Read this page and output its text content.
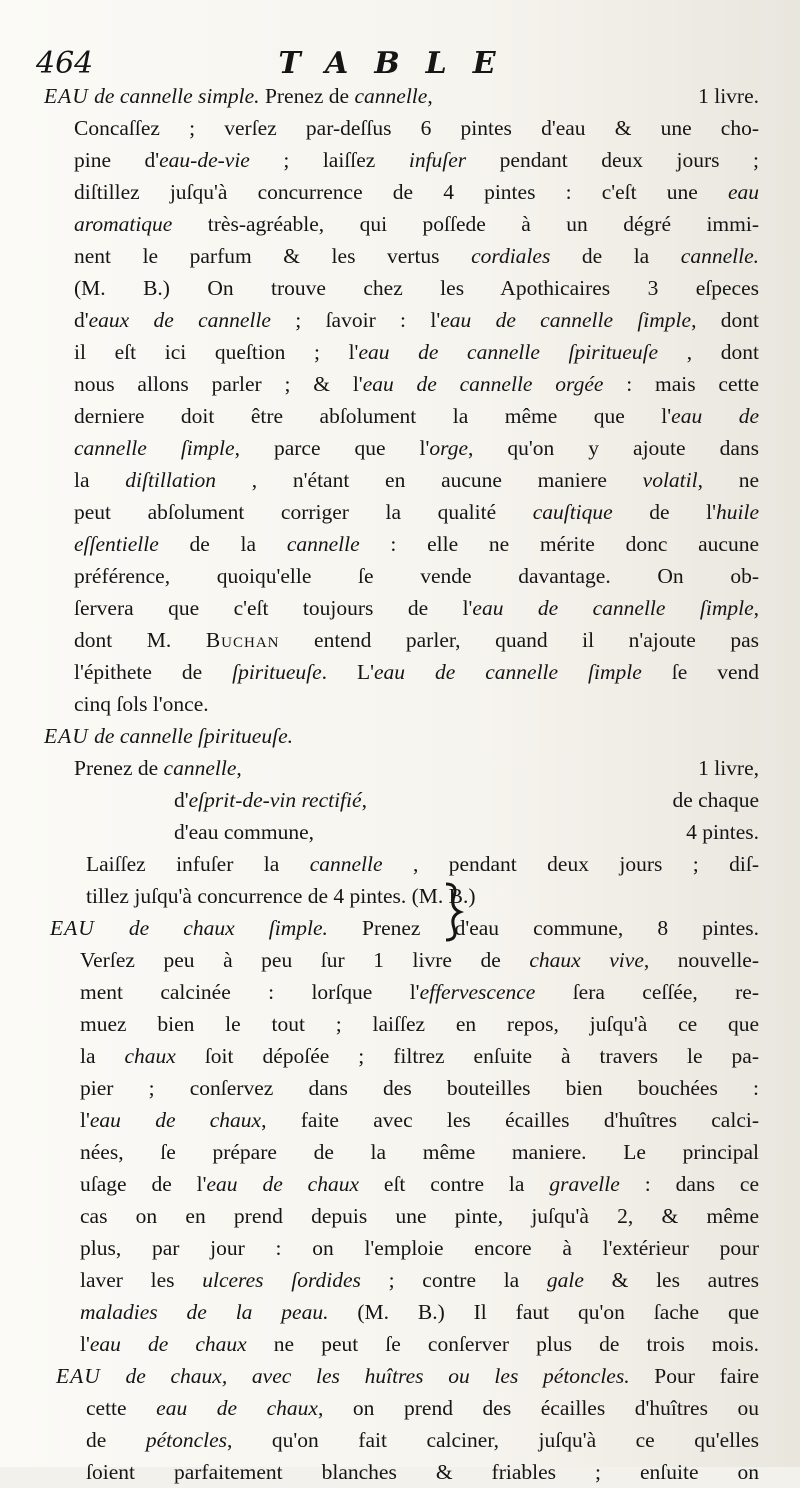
464	TABLE
EAU de cannelle simple. Prenez de cannelle,	1 livre.
Concaſſez ; verſez par-deſſus 6 pintes d'eau & une cho-
pine d'eau-de-vie ; laiſſez infuſer pendant deux jours ;
diſtillez juſqu'à concurrence de 4 pintes : c'eſt une eau
aromatique très-agréable, qui poſſede à un dégré immi-
nent le parfum & les vertus cordiales de la cannelle.
(M. B.) On trouve chez les Apothicaires 3 eſpeces
d'eaux de cannelle ; ſavoir : l'eau de cannelle ſimple, dont
il eſt ici queſtion ; l'eau de cannelle ſpiritueuſe , dont
nous allons parler ; & l'eau de cannelle orgée : mais cette
derniere doit être abſolument la même que l'eau de
cannelle ſimple, parce que l'orge, qu'on y ajoute dans
la diſtillation , n'étant en aucune maniere volatil, ne
peut abſolument corriger la qualité cauſtique de l'huile
eſſentielle de la cannelle : elle ne mérite donc aucune
préférence, quoiqu'elle ſe vende davantage. On ob-
ſervera que c'eſt toujours de l'eau de cannelle ſimple,
dont M. Buchan entend parler, quand il n'ajoute pas
l'épithete de ſpiritueuſe. L'eau de cannelle ſimple ſe vend
cinq ſols l'once.
EAU de cannelle ſpiritueuſe.
Prenez de cannelle,	1 livre,
d'eſprit-de-vin rectifié,	de chaque
d'eau commune,	4 pintes.
Laiſſez infuſer la cannelle , pendant deux jours ; diſ-
tillez juſqu'à concurrence de 4 pintes. (M. B.)
EAU de chaux ſimple. Prenez d'eau commune, 8 pintes.
Verſez peu à peu ſur 1 livre de chaux vive, nouvelle-
ment calcinée : lorſque l'effervescence ſera ceſſée, re-
muez bien le tout ; laiſſez en repos, juſqu'à ce que
la chaux ſoit dépoſée ; filtrez enſuite à travers le pa-
pier ; conſervez dans des bouteilles bien bouchées :
l'eau de chaux, faite avec les écailles d'huîtres calci-
nées, ſe prépare de la même maniere. Le principal
uſage de l'eau de chaux eſt contre la gravelle : dans ce
cas on en prend depuis une pinte, juſqu'à 2, & même
plus, par jour : on l'emploie encore à l'extérieur pour
laver les ulceres ſordides ; contre la gale & les autres
maladies de la peau. (M. B.) Il faut qu'on ſache que
l'eau de chaux ne peut ſe conſerver plus de trois mois.
EAU de chaux, avec les huîtres ou les pétoncles. Pour faire
cette eau de chaux, on prend des écailles d'huîtres ou
de pétoncles, qu'on fait calciner, juſqu'à ce qu'elles
ſoient parfaitement blanches & friables ; enſuite on
